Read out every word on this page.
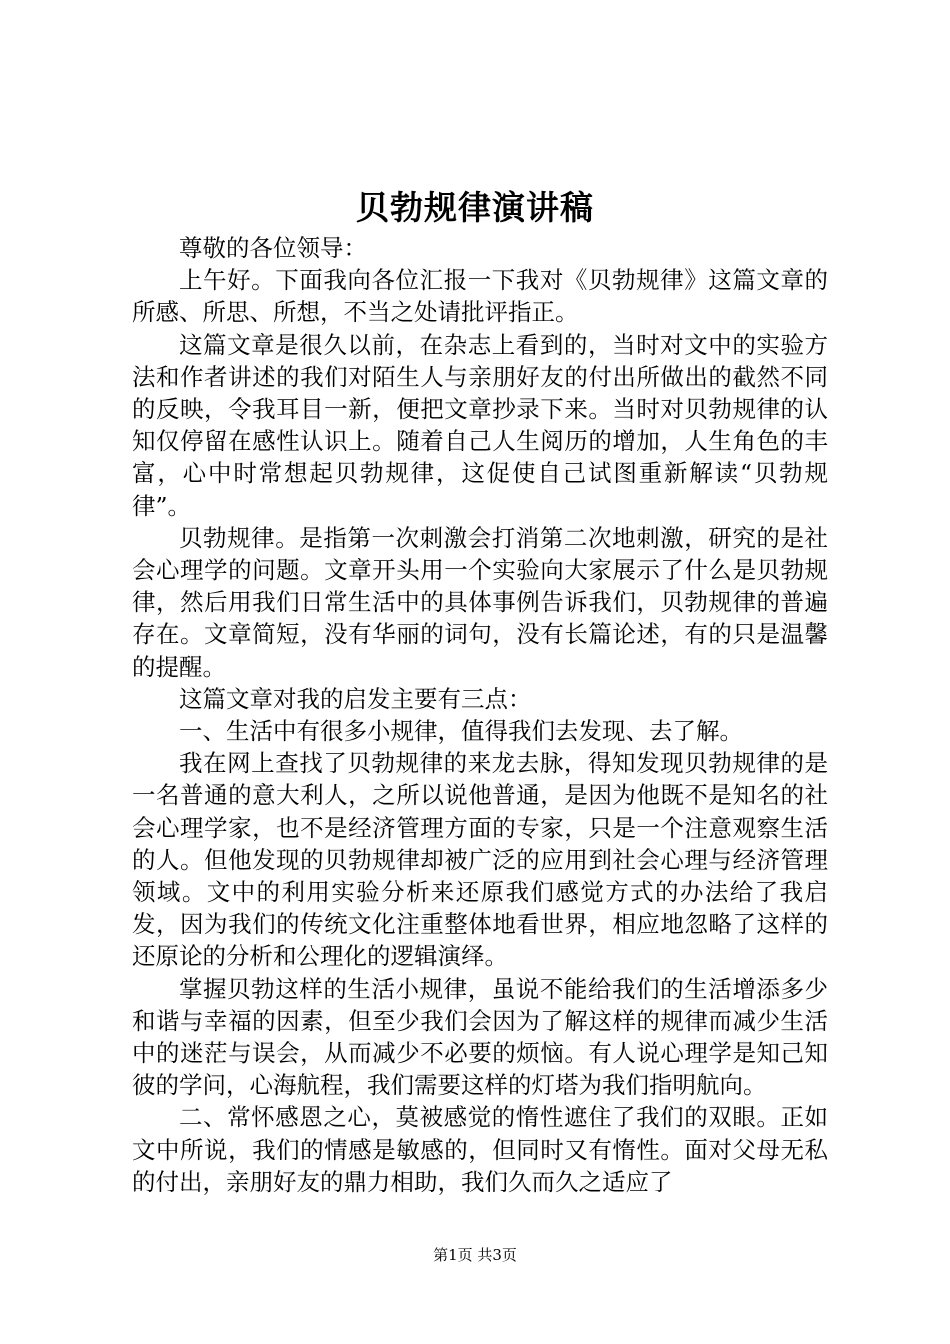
贝勃规律演讲稿

尊敬的各位领导：

上午好。下面我向各位汇报一下我对《贝勃规律》这篇文章的所感、所思、所想，不当之处请批评指正。

这篇文章是很久以前，在杂志上看到的，当时对文中的实验方法和作者讲述的我们对陌生人与亲朋好友的付出所做出的截然不同的反映，令我耳目一新，便把文章抄录下来。当时对贝勃规律的认知仅停留在感性认识上。随着自己人生阅历的增加，人生角色的丰富，心中时常想起贝勃规律，这促使自己试图重新解读“贝勃规律”。

贝勃规律。是指第一次刺激会打消第二次地刺激，研究的是社会心理学的问题。文章开头用一个实验向大家展示了什么是贝勃规律，然后用我们日常生活中的具体事例告诉我们，贝勃规律的普遍存在。文章简短，没有华丽的词句，没有长篇论述，有的只是温馨的提醒。

这篇文章对我的启发主要有三点：

一、生活中有很多小规律，值得我们去发现、去了解。

我在网上查找了贝勃规律的来龙去脉，得知发现贝勃规律的是一名普通的意大利人，之所以说他普通，是因为他既不是知名的社会心理学家，也不是经济管理方面的专家，只是一个注意观察生活的人。但他发现的贝勃规律却被广泛的应用到社会心理与经济管理领域。文中的利用实验分析来还原我们感觉方式的办法给了我启发，因为我们的传统文化注重整体地看世界，相应地忽略了这样的还原论的分析和公理化的逻辑演绎。

掌握贝勃这样的生活小规律，虽说不能给我们的生活增添多少和谐与幸福的因素，但至少我们会因为了解这样的规律而减少生活中的迷茫与误会，从而减少不必要的烦恼。有人说心理学是知己知彼的学问，心海航程，我们需要这样的灯塔为我们指明航向。

二、常怀感恩之心，莫被感觉的惰性遮住了我们的双眼。正如文中所说，我们的情感是敏感的，但同时又有惰性。面对父母无私的付出，亲朋好友的鼎力相助，我们久而久之适应了

第1页 共3页
